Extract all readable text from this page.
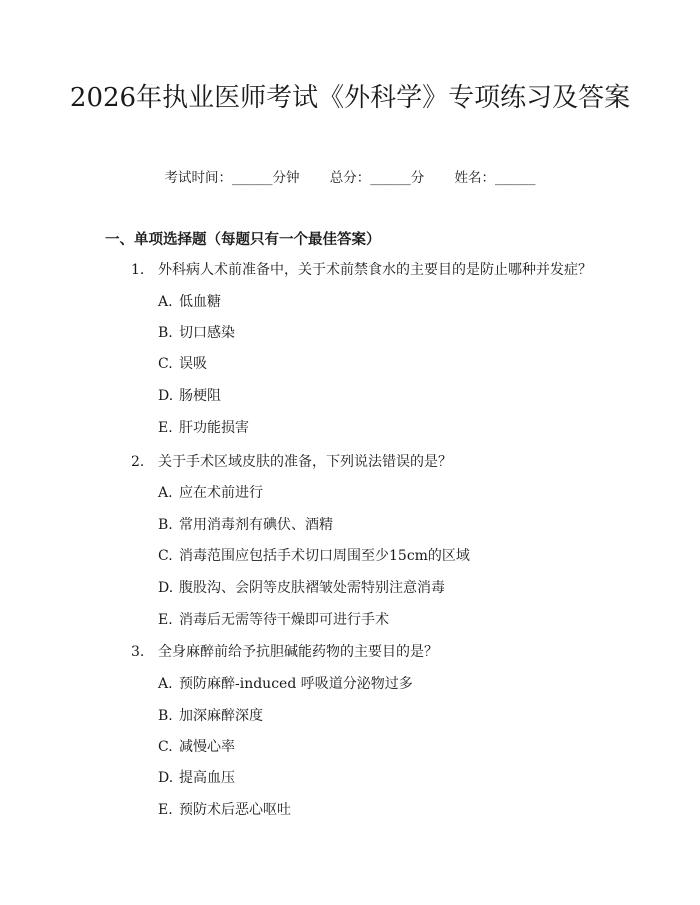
2026年执业医师考试《外科学》专项练习及答案
考试时间：______分钟 总分：______分 姓名：______
一、单项选择题（每题只有一个最佳答案）
1. 外科病人术前准备中，关于术前禁食水的主要目的是防止哪种并发症？
A. 低血糖
B. 切口感染
C. 误吸
D. 肠梗阻
E. 肝功能损害
2. 关于手术区域皮肤的准备，下列说法错误的是？
A. 应在术前进行
B. 常用消毒剂有碘伏、酒精
C. 消毒范围应包括手术切口周围至少15cm的区域
D. 腹股沟、会阴等皮肤褶皱处需特别注意消毒
E. 消毒后无需等待干燥即可进行手术
3. 全身麻醉前给予抗胆碱能药物的主要目的是？
A. 预防麻醉-induced 呼吸道分泌物过多
B. 加深麻醉深度
C. 减慢心率
D. 提高血压
E. 预防术后恶心呕吐
